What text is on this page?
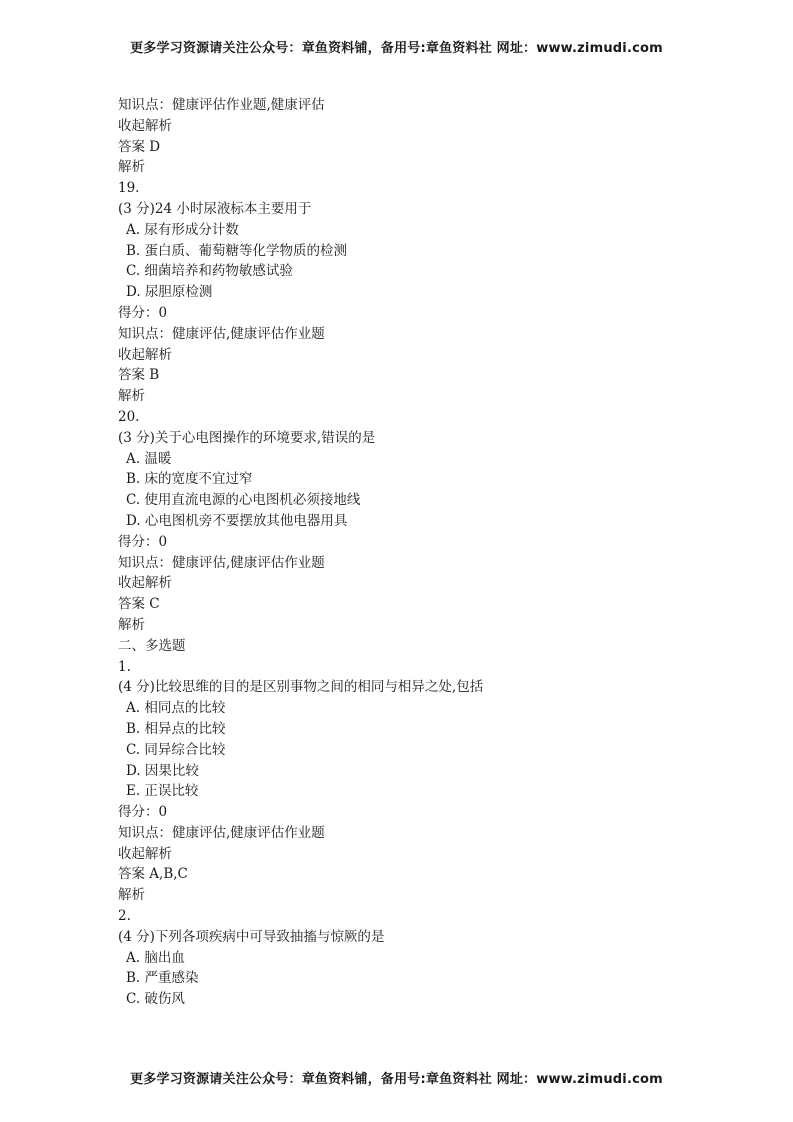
更多学习资源请关注公众号：章鱼资料铺，备用号:章鱼资料社 网址：www.zimudi.com
知识点：健康评估作业题,健康评估
收起解析
答案 D
解析
19.
(3 分)24 小时尿液标本主要用于
A. 尿有形成分计数
B. 蛋白质、葡萄糖等化学物质的检测
C. 细菌培养和药物敏感试验
D. 尿胆原检测
得分：0
知识点：健康评估,健康评估作业题
收起解析
答案 B
解析
20.
(3 分)关于心电图操作的环境要求,错误的是
A. 温暖
B. 床的宽度不宜过窄
C. 使用直流电源的心电图机必须接地线
D. 心电图机旁不要摆放其他电器用具
得分：0
知识点：健康评估,健康评估作业题
收起解析
答案 C
解析
二、多选题
1.
(4 分)比较思维的目的是区别事物之间的相同与相异之处,包括
A. 相同点的比较
B. 相异点的比较
C. 同异综合比较
D. 因果比较
E. 正误比较
得分：0
知识点：健康评估,健康评估作业题
收起解析
答案 A,B,C
解析
2.
(4 分)下列各项疾病中可导致抽搐与惊厥的是
A. 脑出血
B. 严重感染
C. 破伤风
更多学习资源请关注公众号：章鱼资料铺，备用号:章鱼资料社 网址：www.zimudi.com
